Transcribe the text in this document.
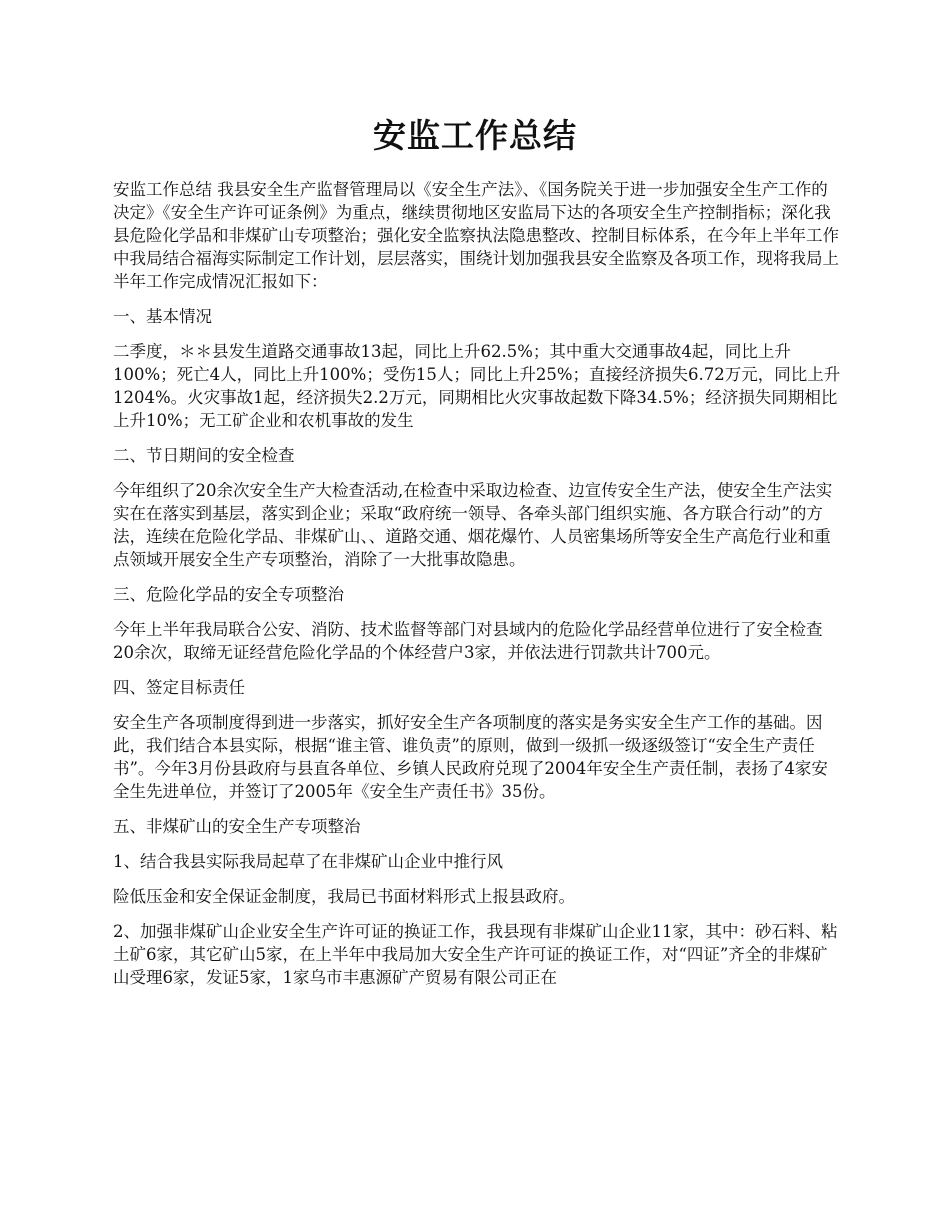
安监工作总结

安监工作总结 我县安全生产监督管理局以《安全生产法》、《国务院关于进一步加强安全生产工作的决定》《安全生产许可证条例》为重点，继续贯彻地区安监局下达的各项安全生产控制指标；深化我县危险化学品和非煤矿山专项整治；强化安全监察执法隐患整改、控制目标体系，在今年上半年工作中我局结合福海实际制定工作计划，层层落实，围绕计划加强我县安全监察及各项工作，现将我局上半年工作完成情况汇报如下：

一、基本情况

二季度，＊＊县发生道路交通事故13起，同比上升62.5%；其中重大交通事故4起，同比上升100%；死亡4人，同比上升100%；受伤15人；同比上升25%；直接经济损失6.72万元，同比上升1204%。火灾事故1起，经济损失2.2万元，同期相比火灾事故起数下降34.5%；经济损失同期相比上升10%；无工矿企业和农机事故的发生

二、节日期间的安全检查

今年组织了20余次安全生产大检查活动,在检查中采取边检查、边宣传安全生产法，使安全生产法实实在在落实到基层，落实到企业；采取“政府统一领导、各牵头部门组织实施、各方联合行动”的方法，连续在危险化学品、非煤矿山、、道路交通、烟花爆竹、人员密集场所等安全生产高危行业和重点领域开展安全生产专项整治，消除了一大批事故隐患。

三、危险化学品的安全专项整治

今年上半年我局联合公安、消防、技术监督等部门对县域内的危险化学品经营单位进行了安全检查20余次，取缔无证经营危险化学品的个体经营户3家，并依法进行罚款共计700元。

四、签定目标责任

安全生产各项制度得到进一步落实，抓好安全生产各项制度的落实是务实安全生产工作的基础。因此，我们结合本县实际，根据“谁主管、谁负责”的原则，做到一级抓一级逐级签订“安全生产责任书”。今年3月份县政府与县直各单位、乡镇人民政府兑现了2004年安全生产责任制，表扬了4家安全生先进单位，并签订了2005年《安全生产责任书》35份。

五、非煤矿山的安全生产专项整治

1、结合我县实际我局起草了在非煤矿山企业中推行风

险低压金和安全保证金制度，我局已书面材料形式上报县政府。

2、加强非煤矿山企业安全生产许可证的换证工作，我县现有非煤矿山企业11家，其中：砂石料、粘土矿6家，其它矿山5家，在上半年中我局加大安全生产许可证的换证工作，对“四证”齐全的非煤矿山受理6家，发证5家，1家乌市丰惠源矿产贸易有限公司正在
